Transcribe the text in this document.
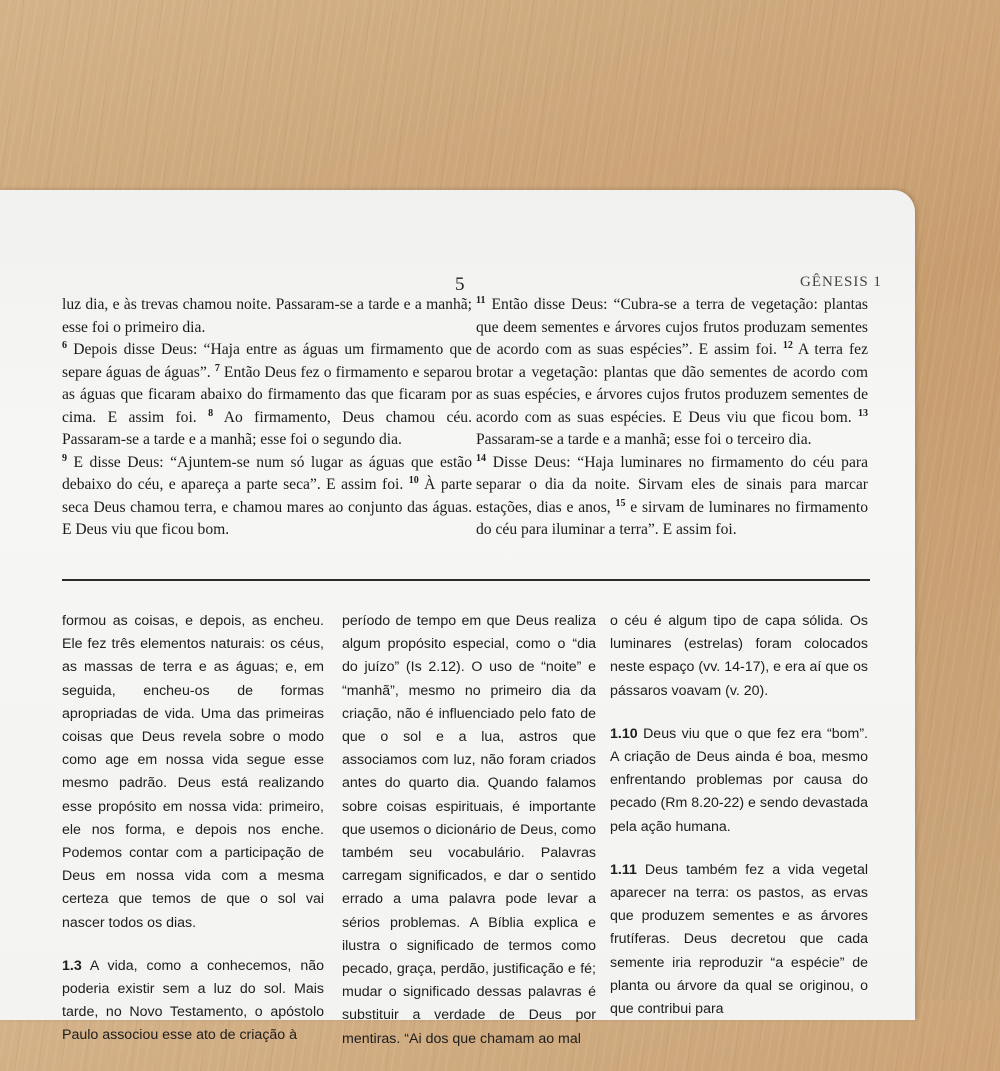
5	GÊNESIS 1

luz dia, e às trevas chamou noite. Passaram-se a tarde e a manhã; esse foi o primeiro dia.

$^6$ Depois disse Deus: “Haja entre as águas um firmamento que separe águas de águas”. $^7$ Então Deus fez o firmamento e separou as águas que ficaram abaixo do firmamento das que ficaram por cima. E assim foi. $^8$ Ao firmamento, Deus chamou céu. Passaram-se a tarde e a manhã; esse foi o segundo dia.

$^9$ E disse Deus: “Ajuntem-se num só lugar as águas que estão debaixo do céu, e apareça a parte seca”. E assim foi. $^{10}$ À parte seca Deus chamou terra, e chamou mares ao conjunto das águas. E Deus viu que ficou bom.

$^{11}$ Então disse Deus: “Cubra-se a terra de vegetação: plantas que deem sementes e árvores cujos frutos produzam sementes de acordo com as suas espécies”. E assim foi. $^{12}$ A terra fez brotar a vegetação: plantas que dão sementes de acordo com as suas espécies, e árvores cujos frutos produzem sementes de acordo com as suas espécies. E Deus viu que ficou bom. $^{13}$ Passaram-se a tarde e a manhã; esse foi o terceiro dia.

$^{14}$ Disse Deus: “Haja luminares no firmamento do céu para separar o dia da noite. Sirvam eles de sinais para marcar estações, dias e anos, $^{15}$ e sirvam de luminares no firmamento do céu para iluminar a terra”. E assim foi.

formou as coisas, e depois, as encheu. Ele fez três elementos naturais: os céus, as massas de terra e as águas; e, em seguida, encheu-os de formas apropriadas de vida. Uma das primeiras coisas que Deus revela sobre o modo como age em nossa vida segue esse mesmo padrão. Deus está realizando esse propósito em nossa vida: primeiro, ele nos forma, e depois nos enche. Podemos contar com a participação de Deus em nossa vida com a mesma certeza que temos de que o sol vai nascer todos os dias.

1.3 A vida, como a conhecemos, não poderia existir sem a luz do sol. Mais tarde, no Novo Testamento, o apóstolo Paulo associou esse ato de criação à

período de tempo em que Deus realiza algum propósito especial, como o “dia do juízo” (Is 2.12). O uso de “noite” e “manhã”, mesmo no primeiro dia da criação, não é influenciado pelo fato de que o sol e a lua, astros que associamos com luz, não foram criados antes do quarto dia. Quando falamos sobre coisas espirituais, é importante que usemos o dicionário de Deus, como também seu vocabulário. Palavras carregam significados, e dar o sentido errado a uma palavra pode levar a sérios problemas. A Bíblia explica e ilustra o significado de termos como pecado, graça, perdão, justificação e fé; mudar o significado dessas palavras é substituir a verdade de Deus por mentiras. “Ai dos que chamam ao mal

o céu é algum tipo de capa sólida. Os luminares (estrelas) foram colocados neste espaço (vv. 14-17), e era aí que os pássaros voavam (v. 20).

1.10 Deus viu que o que fez era “bom”. A criação de Deus ainda é boa, mesmo enfrentando problemas por causa do pecado (Rm 8.20-22) e sendo devastada pela ação humana.

1.11 Deus também fez a vida vegetal aparecer na terra: os pastos, as ervas que produzem sementes e as árvores frutíferas. Deus decretou que cada semente iria reproduzir “a espécie” de planta ou árvore da qual se originou, o que contribui para
